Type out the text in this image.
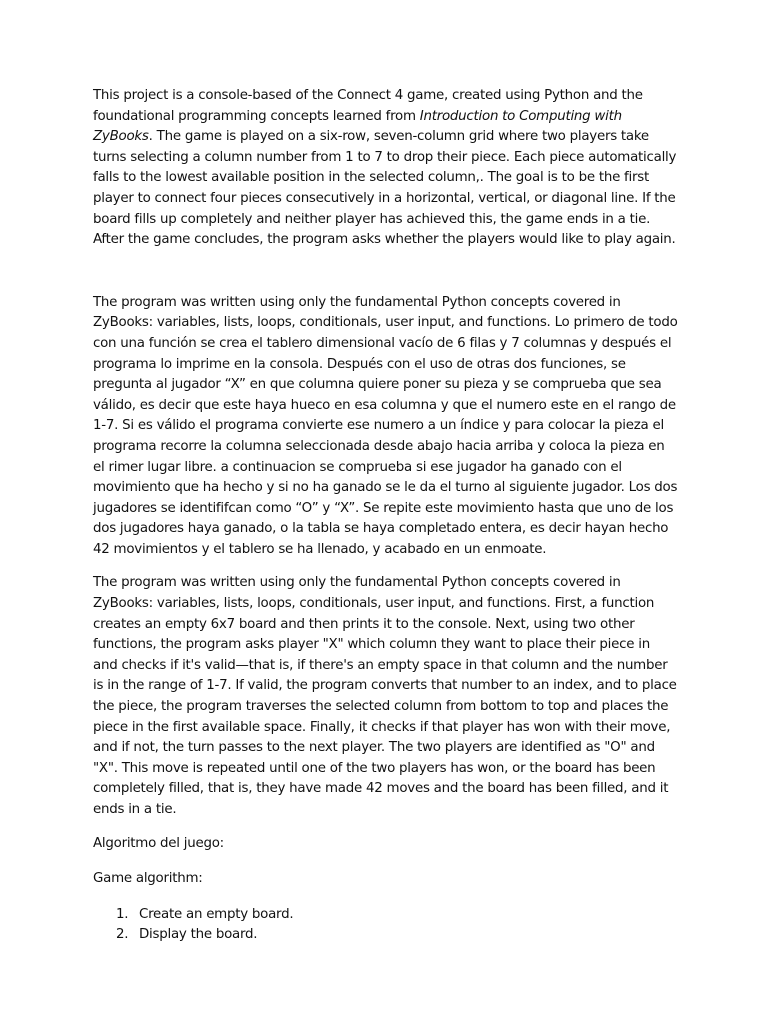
This project is a console-based of the Connect 4 game, created using Python and the foundational programming concepts learned from Introduction to Computing with ZyBooks. The game is played on a six-row, seven-column grid where two players take turns selecting a column number from 1 to 7 to drop their piece. Each piece automatically falls to the lowest available position in the selected column,. The goal is to be the first player to connect four pieces consecutively in a horizontal, vertical, or diagonal line. If the board fills up completely and neither player has achieved this, the game ends in a tie. After the game concludes, the program asks whether the players would like to play again.

The program was written using only the fundamental Python concepts covered in ZyBooks: variables, lists, loops, conditionals, user input, and functions. Lo primero de todo con una función se crea el tablero dimensional vacío de 6 filas y 7 columnas y después el programa lo imprime en la consola. Después con el uso de otras dos funciones, se pregunta al jugador “X” en que columna quiere poner su pieza y se comprueba que sea válido, es decir que este haya hueco en esa columna y que el numero este en el rango de 1-7. Si es válido el programa convierte ese numero a un índice y para colocar la pieza el programa recorre la columna seleccionada desde abajo hacia arriba y coloca la pieza en el rimer lugar libre. a continuacion se comprueba si ese jugador ha ganado con el movimiento que ha hecho y si no ha ganado se le da el turno al siguiente jugador. Los dos jugadores se identififcan como “O” y “X”. Se repite este movimiento hasta que uno de los dos jugadores haya ganado, o la tabla se haya completado entera, es decir hayan hecho 42 movimientos y el tablero se ha llenado, y acabado en un enmoate.

The program was written using only the fundamental Python concepts covered in ZyBooks: variables, lists, loops, conditionals, user input, and functions. First, a function creates an empty 6x7 board and then prints it to the console. Next, using two other functions, the program asks player "X" which column they want to place their piece in and checks if it's valid—that is, if there's an empty space in that column and the number is in the range of 1-7. If valid, the program converts that number to an index, and to place the piece, the program traverses the selected column from bottom to top and places the piece in the first available space. Finally, it checks if that player has won with their move, and if not, the turn passes to the next player. The two players are identified as "O" and "X". This move is repeated until one of the two players has won, or the board has been completely filled, that is, they have made 42 moves and the board has been filled, and it ends in a tie.

Algoritmo del juego:

Game algorithm:

1. Create an empty board.
2. Display the board.
